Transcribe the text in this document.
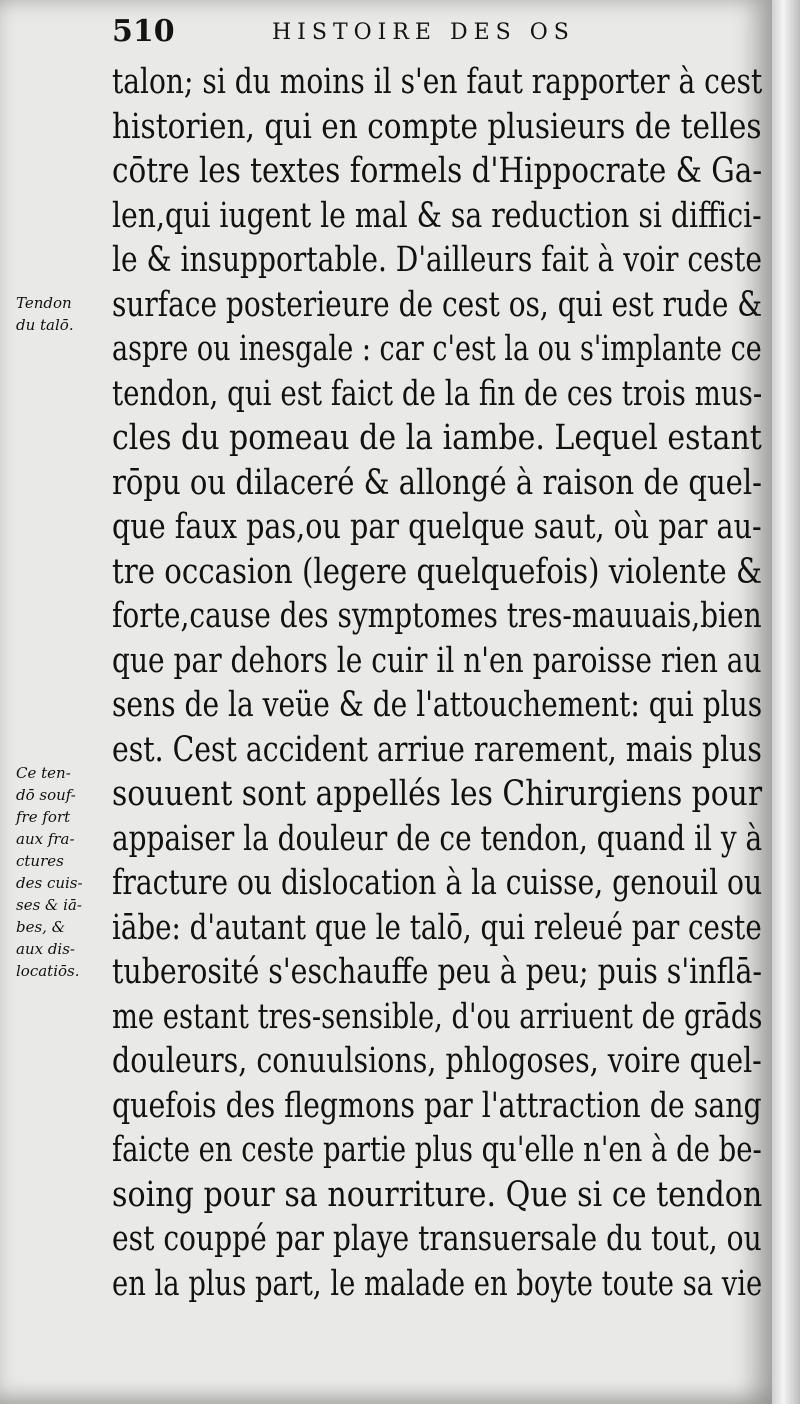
510	HISTOIRE DES OS
Tendon
du talō.
Ce ten-
dō souf-
fre fort
aux fra-
ctures
des cuis-
ses & iā-
bes, &
aux dis-
locatiōs.
talon; si du moins il s'en faut rapporter à cest
historien, qui en compte plusieurs de telles
cōtre les textes formels d'Hippocrate & Ga-
len,qui iugent le mal & sa reduction si diffici-
le & insupportable. D'ailleurs fait à voir ceste
surface posterieure de cest os, qui est rude &
aspre ou inesgale : car c'est la ou s'implante ce
tendon, qui est faict de la fin de ces trois mus-
cles du pomeau de la iambe. Lequel estant
rōpu ou dilaceré & allongé à raison de quel-
que faux pas,ou par quelque saut, où par au-
tre occasion (legere quelquefois) violente &
forte,cause des symptomes tres-mauuais,bien
que par dehors le cuir il n'en paroisse rien au
sens de la veüe & de l'attouchement: qui plus
est. Cest accident arriue rarement, mais plus
souuent sont appellés les Chirurgiens pour
appaiser la douleur de ce tendon, quand il y à
fracture ou dislocation à la cuisse, genouil ou
iābe: d'autant que le talō, qui releué par ceste
tuberosité s'eschauffe peu à peu; puis s'inflā-
me estant tres-sensible, d'ou arriuent de grāds
douleurs, conuulsions, phlogoses, voire quel-
quefois des flegmons par l'attraction de sang
faicte en ceste partie plus qu'elle n'en à de be-
soing pour sa nourriture. Que si ce tendon
est couppé par playe transuersale du tout, ou
en la plus part, le malade en boyte toute sa vie
